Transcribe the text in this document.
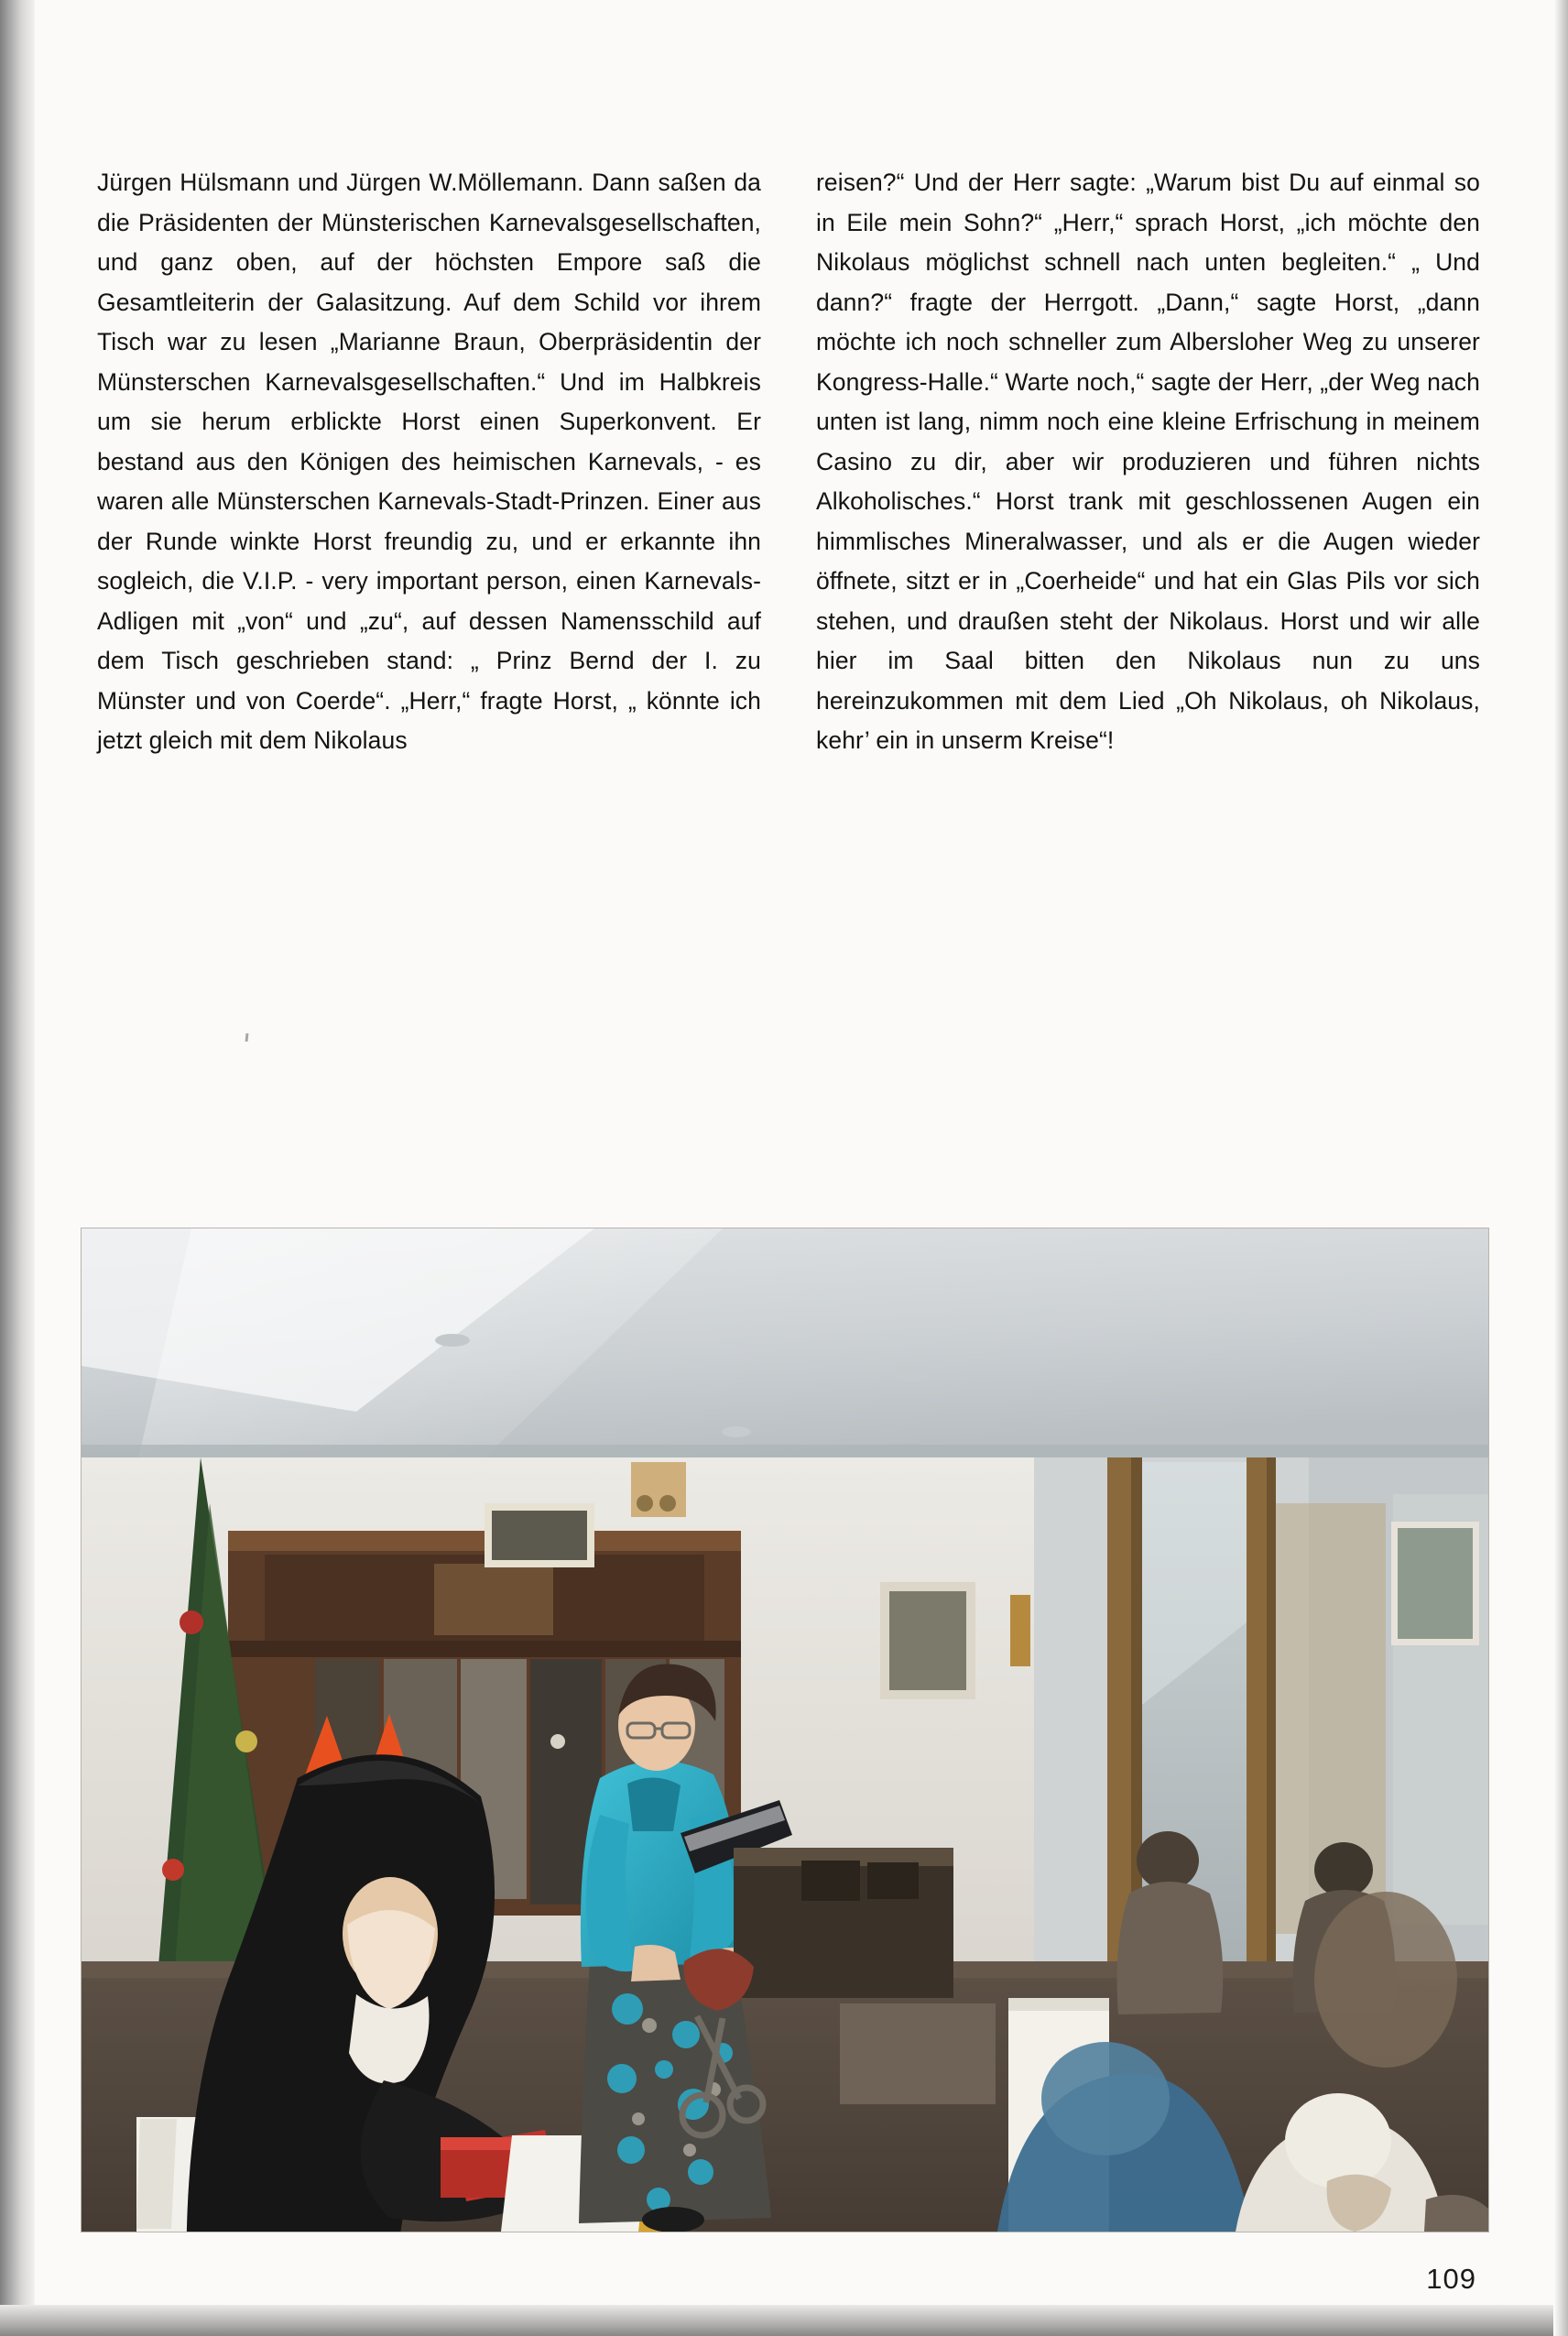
Jürgen Hülsmann und Jürgen W.Möllemann. Dann saßen da die Präsidenten der Münsterischen Karnevalsgesellschaften, und ganz oben, auf der höchsten Empore saß die Gesamtleiterin der Galasitzung. Auf dem Schild vor ihrem Tisch war zu lesen „Marianne Braun, Oberpräsidentin der Münsterschen Karnevalsgesellschaften.“ Und im Halbkreis um sie herum erblickte Horst einen Superkonvent. Er bestand aus den Königen des heimischen Karnevals, - es waren alle Münsterschen Karnevals-Stadt-Prinzen. Einer aus der Runde winkte Horst freundig zu, und er erkannte ihn sogleich, die V.I.P. - very important person, einen Karnevals-Adligen mit „von“ und „zu“, auf dessen Namensschild auf dem Tisch geschrieben stand: „ Prinz Bernd der I. zu Münster und von Coerde“. „Herr,“ fragte Horst, „ könnte ich jetzt gleich mit dem Nikolaus

reisen?“ Und der Herr sagte: „Warum bist Du auf einmal so in Eile mein Sohn?“ „Herr,“ sprach Horst, „ich möchte den Nikolaus möglichst schnell nach unten begleiten.“ „ Und dann?“ fragte der Herrgott. „Dann,“ sagte Horst, „dann möchte ich noch schneller zum Albersloher Weg zu unserer Kongress-Halle.“ Warte noch,“ sagte der Herr, „der Weg nach unten ist lang, nimm noch eine kleine Erfrischung in meinem Casino zu dir, aber wir produzieren und führen nichts Alkoholisches.“ Horst trank mit geschlossenen Augen ein himmlisches Mineralwasser, und als er die Augen wieder öffnete, sitzt er in „Coerheide“ und hat ein Glas Pils vor sich stehen, und draußen steht der Nikolaus. Horst und wir alle hier im Saal bitten den Nikolaus nun zu uns hereinzukommen mit dem Lied „Oh Nikolaus, oh Nikolaus, kehr’ ein in unserm Kreise“!

109
